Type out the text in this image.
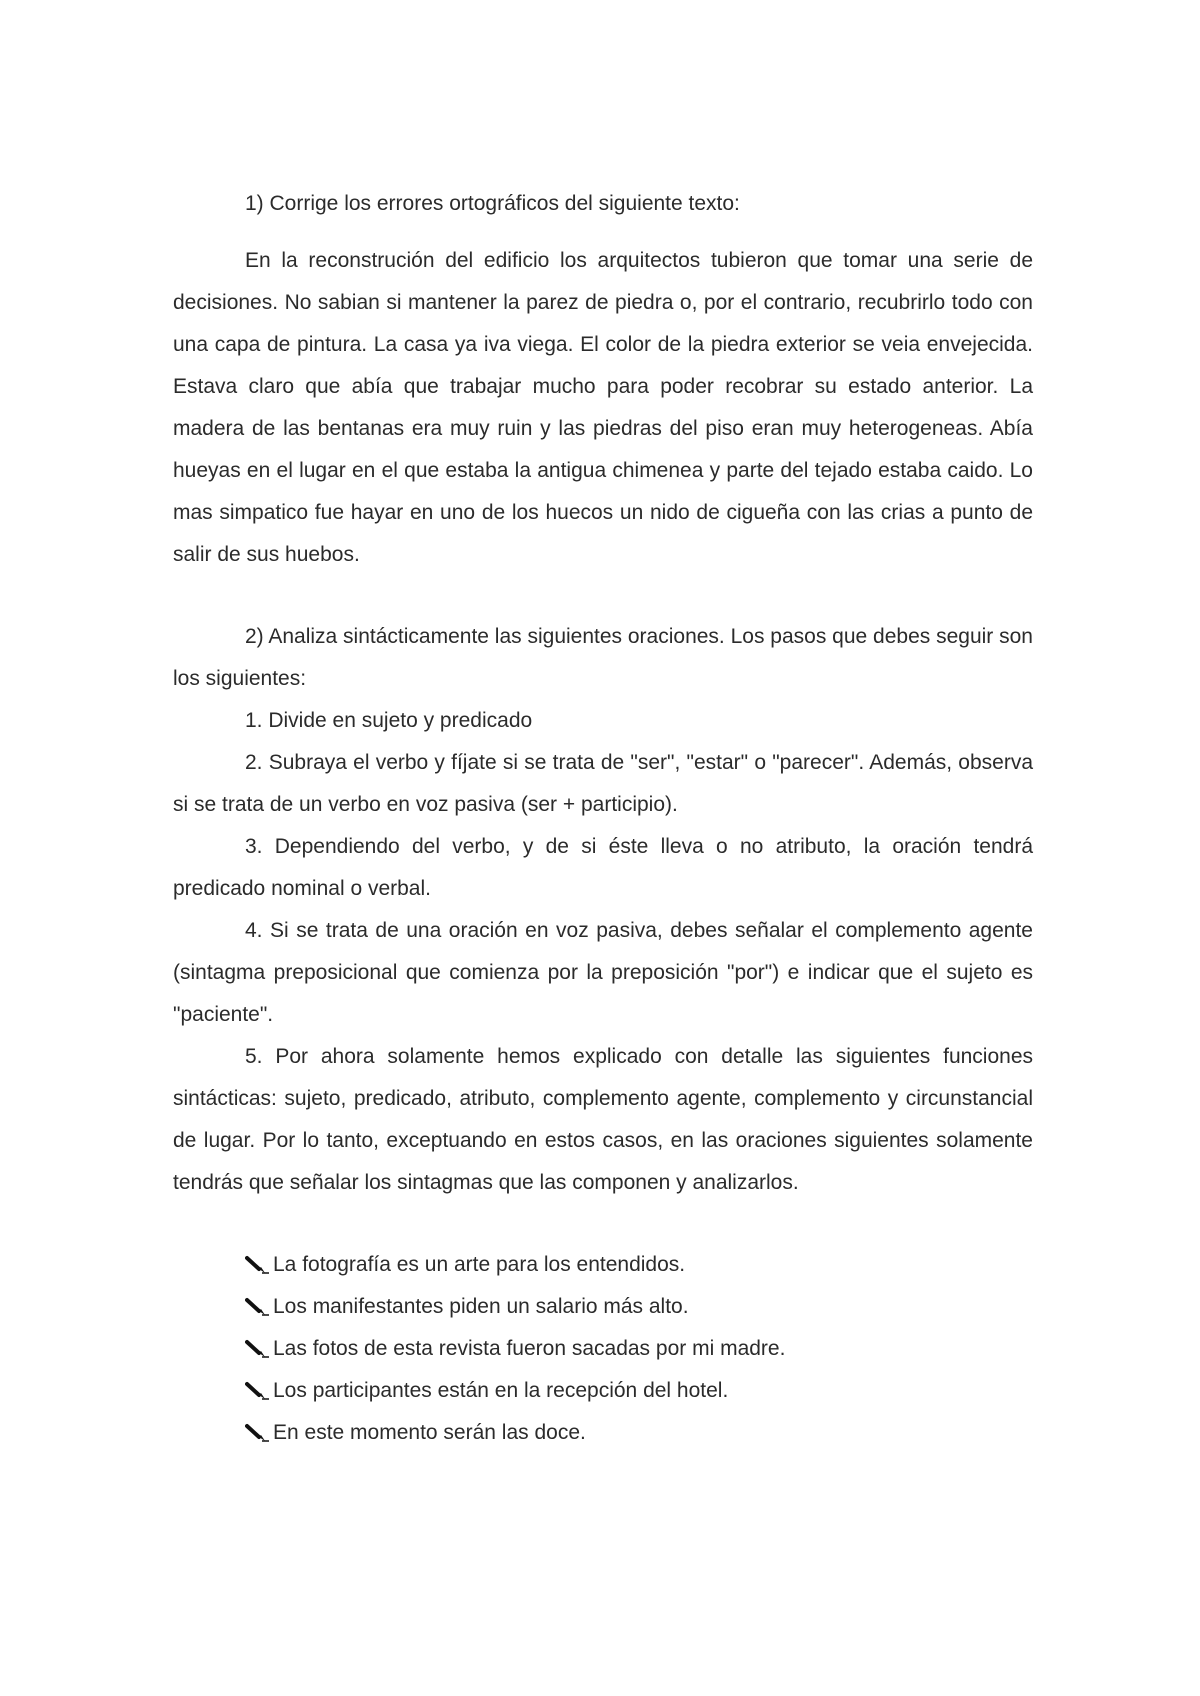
1) Corrige los errores ortográficos del siguiente texto:

En la reconstrución del edificio los arquitectos tubieron que tomar una serie de decisiones. No sabian si mantener la parez de piedra o, por el contrario, recubrirlo todo con una capa de pintura. La casa ya iva viega. El color de la piedra exterior se veia envejecida. Estava claro que abía que trabajar mucho para poder recobrar su estado anterior. La madera de las bentanas era muy ruin y las piedras del piso eran muy heterogeneas. Abía hueyas en el lugar en el que estaba la antigua chimenea y parte del tejado estaba caido. Lo mas simpatico fue hayar en uno de los huecos un nido de cigueña con las crias a punto de salir de sus huebos.

2) Analiza sintácticamente las siguientes oraciones. Los pasos que debes seguir son los siguientes:

1. Divide en sujeto y predicado

2. Subraya el verbo y fíjate si se trata de "ser", "estar" o "parecer". Además, observa si se trata de un verbo en voz pasiva (ser + participio).

3. Dependiendo del verbo, y de si éste lleva o no atributo, la oración tendrá predicado nominal o verbal.

4. Si se trata de una oración en voz pasiva, debes señalar el complemento agente (sintagma preposicional que comienza por la preposición "por") e indicar que el sujeto es "paciente".

5. Por ahora solamente hemos explicado con detalle las siguientes funciones sintácticas: sujeto, predicado, atributo, complemento agente, complemento y circunstancial de lugar. Por lo tanto, exceptuando en estos casos, en las oraciones siguientes solamente tendrás que señalar los sintagmas que las componen y analizarlos.

La fotografía es un arte para los entendidos.
Los manifestantes piden un salario más alto.
Las fotos de esta revista fueron sacadas por mi madre.
Los participantes están en la recepción del hotel.
En este momento serán las doce.
